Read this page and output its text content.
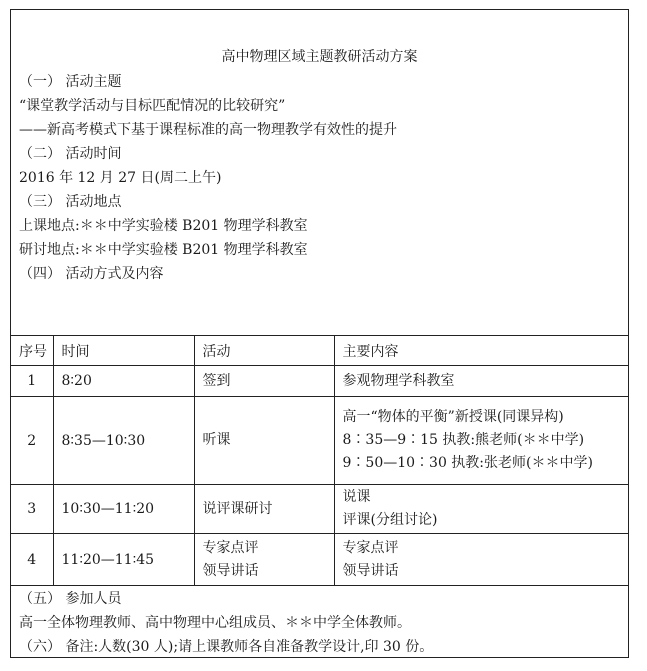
高中物理区域主题教研活动方案
（一） 活动主题
“课堂教学活动与目标匹配情况的比较研究”
——新高考模式下基于课程标准的高一物理教学有效性的提升
（二） 活动时间
2016 年 12 月 27 日(周二上午)
（三） 活动地点
上课地点:＊＊中学实验楼 B201 物理学科教室
研讨地点:＊＊中学实验楼 B201 物理学科教室
（四） 活动方式及内容
序号	时间	活动	主要内容
1	8∶20	签到	参观物理学科教室

2	8∶35—10∶30	听课	高一“物体的平衡”新授课(同课异构)
8∶35—9∶15 执教:熊老师(＊＊中学)
9∶50—10∶30 执教:张老师(＊＊中学)

3	10∶30—11∶20	说评课研讨	说课
评课(分组讨论)

4	11∶20—11∶45	专家点评
领导讲话	专家点评
领导讲话
（五） 参加人员
高一全体物理教师、高中物理中心组成员、＊＊中学全体教师。
（六） 备注:人数(30 人);请上课教师各自准备教学设计,印 30 份。
